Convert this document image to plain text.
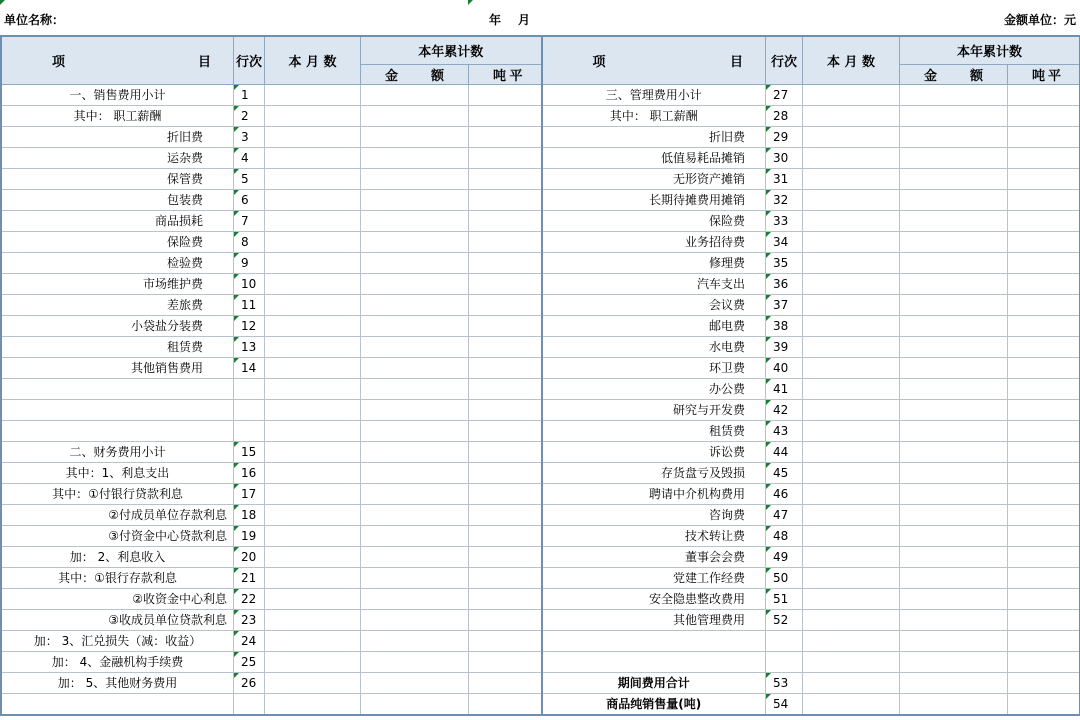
单位名称：	年 月	金额单位：元
项 目	行次	本 月 数	本年累计数		项 目	行次	本 月 数	本年累计数	

			金 额	吨 平				金 额	吨 平

一、销售费用小计	1				三、管理费用小计	27			
其中： 职工薪酬	2				其中： 职工薪酬	28			
折旧费	3				折旧费	29			
运杂费	4				低值易耗品摊销	30			
保管费	5				无形资产摊销	31			
包装费	6				长期待摊费用摊销	32			
商品损耗	7				保险费	33			
保险费	8				业务招待费	34			
检验费	9				修理费	35			
市场维护费	10				汽车支出	36			
差旅费	11				会议费	37			
小袋盐分装费	12				邮电费	38			
租赁费	13				水电费	39			
其他销售费用	14				环卫费	40			
					办公费	41			
					研究与开发费	42			
					租赁费	43			
二、财务费用小计	15				诉讼费	44			
其中：1、利息支出	16				存货盘亏及毁损	45			
其中：①付银行贷款利息	17				聘请中介机构费用	46			
②付成员单位存款利息	18				咨询费	47			
③付资金中心贷款利息	19				技术转让费	48			
加： 2、利息收入	20				董事会会费	49			
其中：①银行存款利息	21				党建工作经费	50			
②收资金中心利息	22				安全隐患整改费用	51			
③收成员单位贷款利息	23				其他管理费用	52			
加： 3、汇兑损失（减：收益）	24								
加： 4、金融机构手续费	25								
加： 5、其他财务费用	26				期间费用合计	53			
					商品纯销售量(吨)	54			
